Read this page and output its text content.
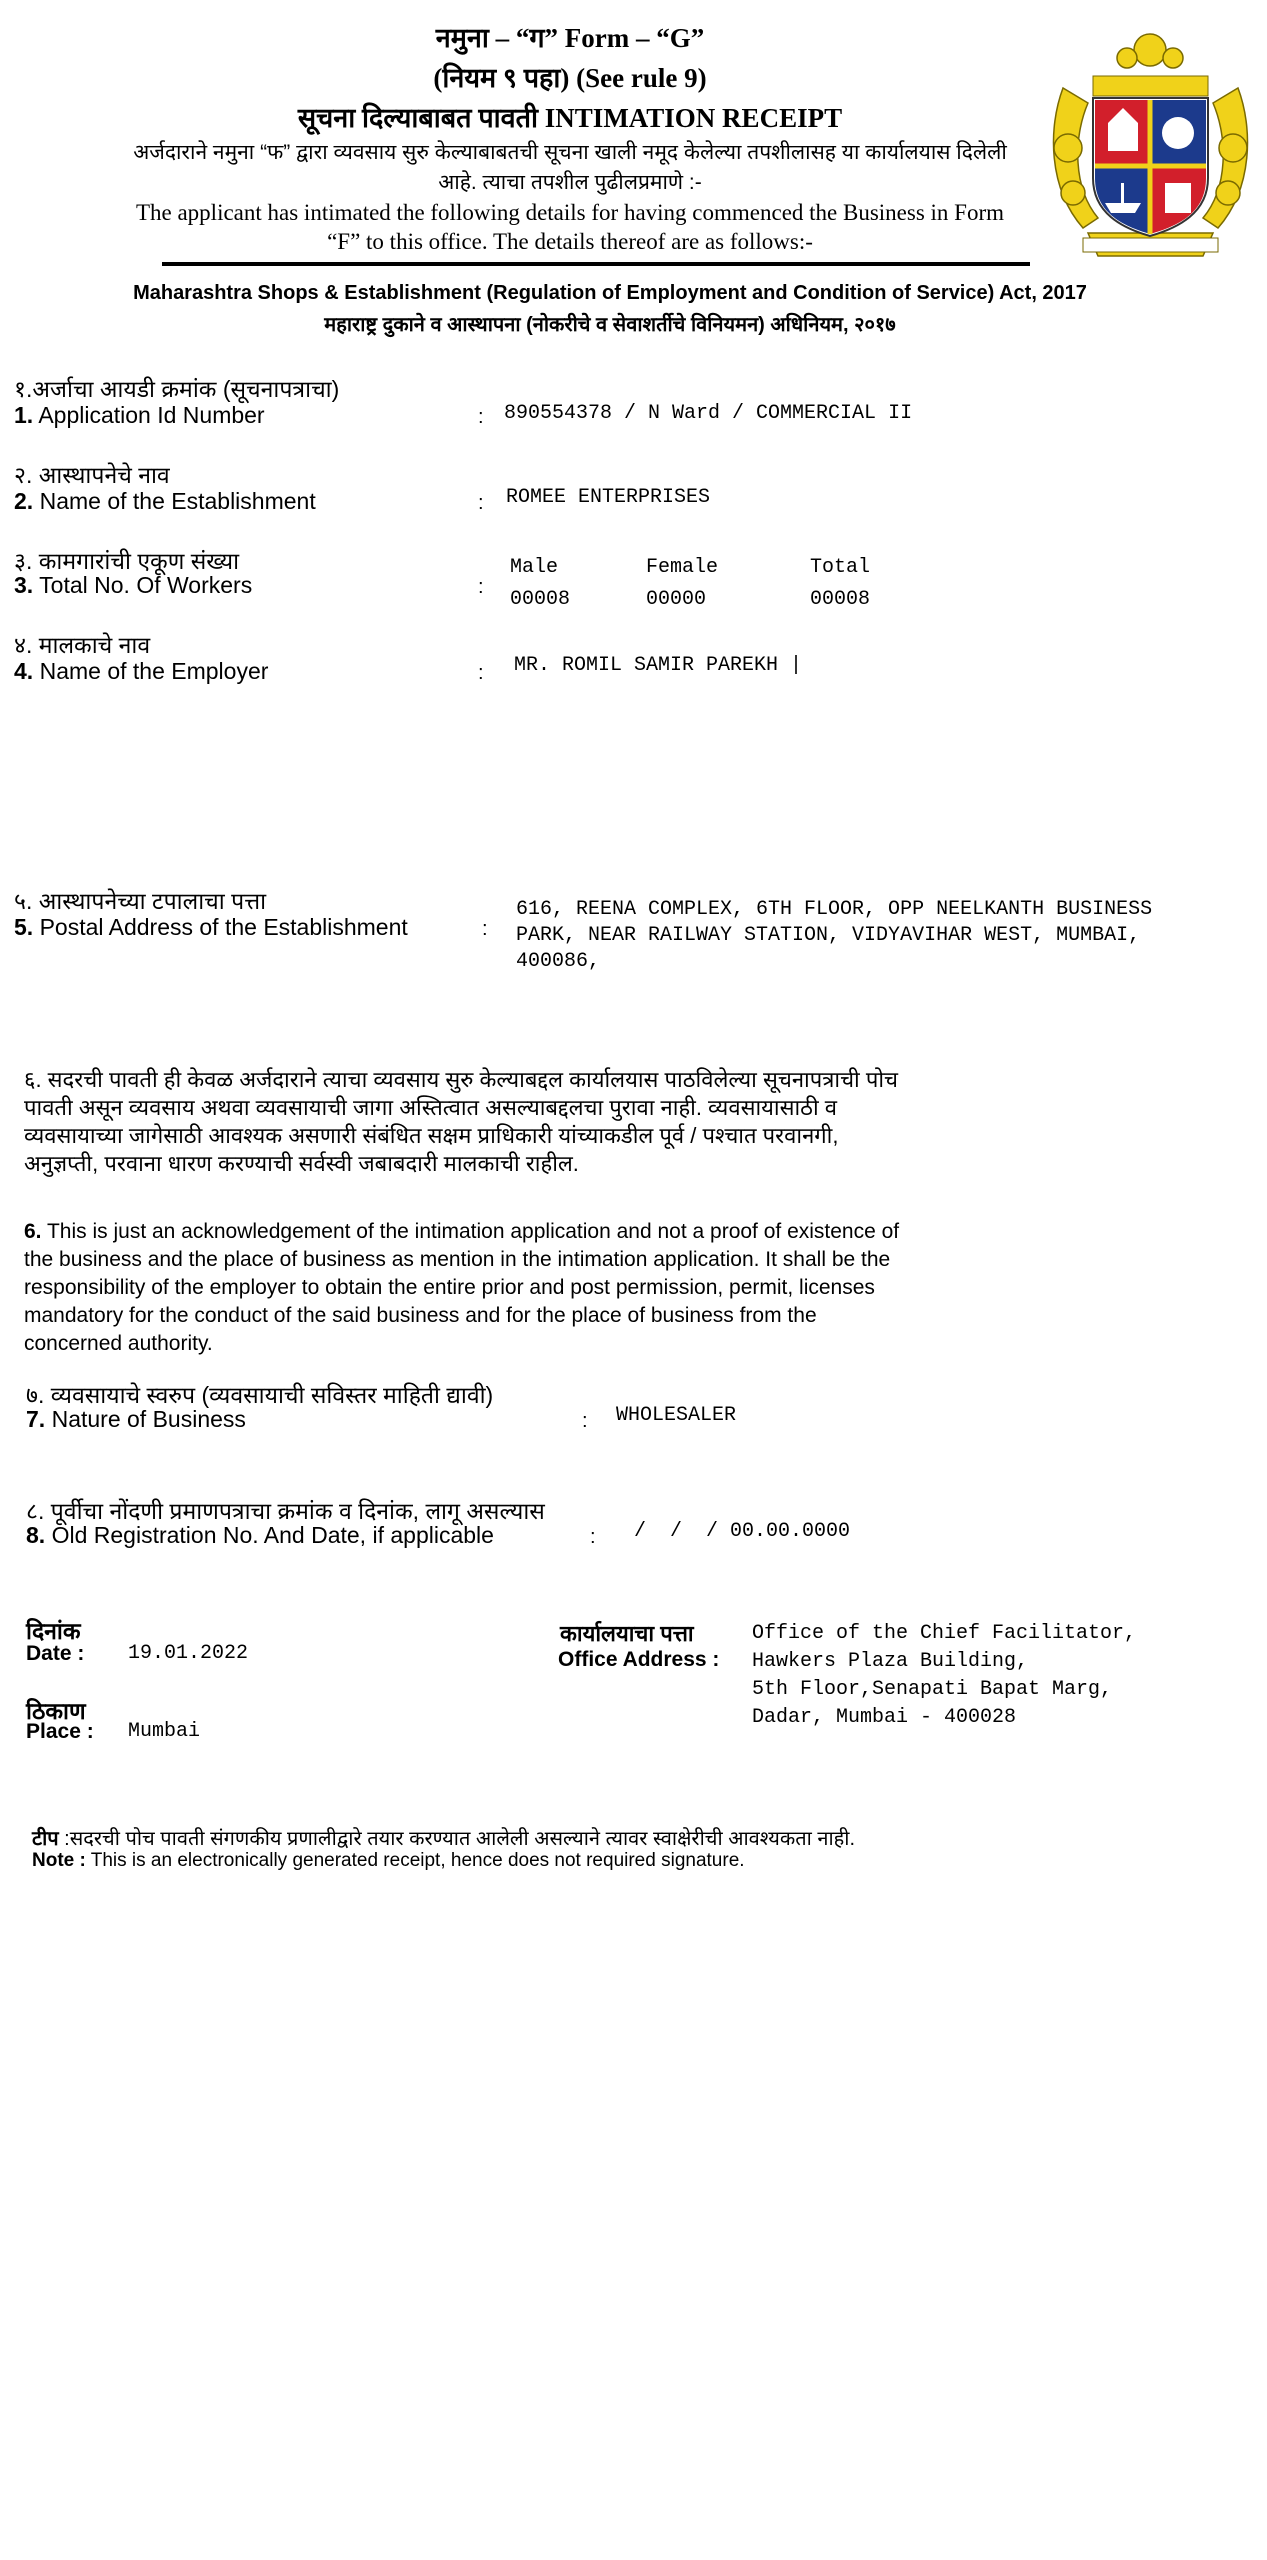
नमुना – “ग” Form – “G”
(नियम ९ पहा) (See rule 9)
सूचना दिल्याबाबत पावती INTIMATION RECEIPT
अर्जदाराने नमुना “फ” द्वारा व्यवसाय सुरु केल्याबाबतची सूचना खाली नमूद केलेल्या तपशीलासह या कार्यालयास दिलेली आहे. त्याचा तपशील पुढीलप्रमाणे :-
The applicant has intimated the following details for having commenced the Business in Form “F” to this office. The details thereof are as follows:-
Maharashtra Shops & Establishment (Regulation of Employment and Condition of Service) Act, 2017
महाराष्ट्र दुकाने व आस्थापना (नोकरीचे व सेवाशर्तीचे विनियमन) अधिनियम, २०१७
१.अर्जाचा आयडी क्रमांक (सूचनापत्राचा)
1. Application Id Number	: 890554378 / N Ward / COMMERCIAL II
२. आस्थापनेचे नाव
2. Name of the Establishment	: ROMEE ENTERPRISES
३. कामगारांची एकूण संख्या
3. Total No. Of Workers	:
Male	Female	Total
00008	00000	00008
४. मालकाचे नाव
4. Name of the Employer	: MR. ROMIL SAMIR PAREKH |
५. आस्थापनेच्या टपालाचा पत्ता
5. Postal Address of the Establishment	:
616, REENA COMPLEX, 6TH FLOOR, OPP NEELKANTH BUSINESS
PARK, NEAR RAILWAY STATION, VIDYAVIHAR WEST, MUMBAI,
400086,
६. सदरची पावती ही केवळ अर्जदाराने त्याचा व्यवसाय सुरु केल्याबद्दल कार्यालयास पाठविलेल्या सूचनापत्राची पोच
पावती असून व्यवसाय अथवा व्यवसायाची जागा अस्तित्वात असल्याबद्दलचा पुरावा नाही. व्यवसायासाठी व
व्यवसायाच्या जागेसाठी आवश्यक असणारी संबंधित सक्षम प्राधिकारी यांच्याकडील पूर्व / पश्चात परवानगी,
अनुज्ञप्ती, परवाना धारण करण्याची सर्वस्वी जबाबदारी मालकाची राहील.
6. This is just an acknowledgement of the intimation application and not a proof of existence of
the business and the place of business as mention in the intimation application. It shall be the
responsibility of the employer to obtain the entire prior and post permission, permit, licenses
mandatory for the conduct of the said business and for the place of business from the
concerned authority.
७. व्यवसायाचे स्वरुप (व्यवसायाची सविस्तर माहिती द्यावी)
7. Nature of Business	: WHOLESALER
८. पूर्वीचा नोंदणी प्रमाणपत्राचा क्रमांक व दिनांक, लागू असल्यास
8. Old Registration No. And Date, if applicable	: /  /  / 00.00.0000
दिनांक
Date : 19.01.2022
ठिकाण
Place : Mumbai
कार्यालयाचा पत्ता
Office Address :
Office of the Chief Facilitator,
Hawkers Plaza Building,
5th Floor,Senapati Bapat Marg,
Dadar, Mumbai - 400028
टीप :सदरची पोच पावती संगणकीय प्रणालीद्वारे तयार करण्यात आलेली असल्याने त्यावर स्वाक्षेरीची आवश्यकता नाही.
Note : This is an electronically generated receipt, hence does not required signature.
